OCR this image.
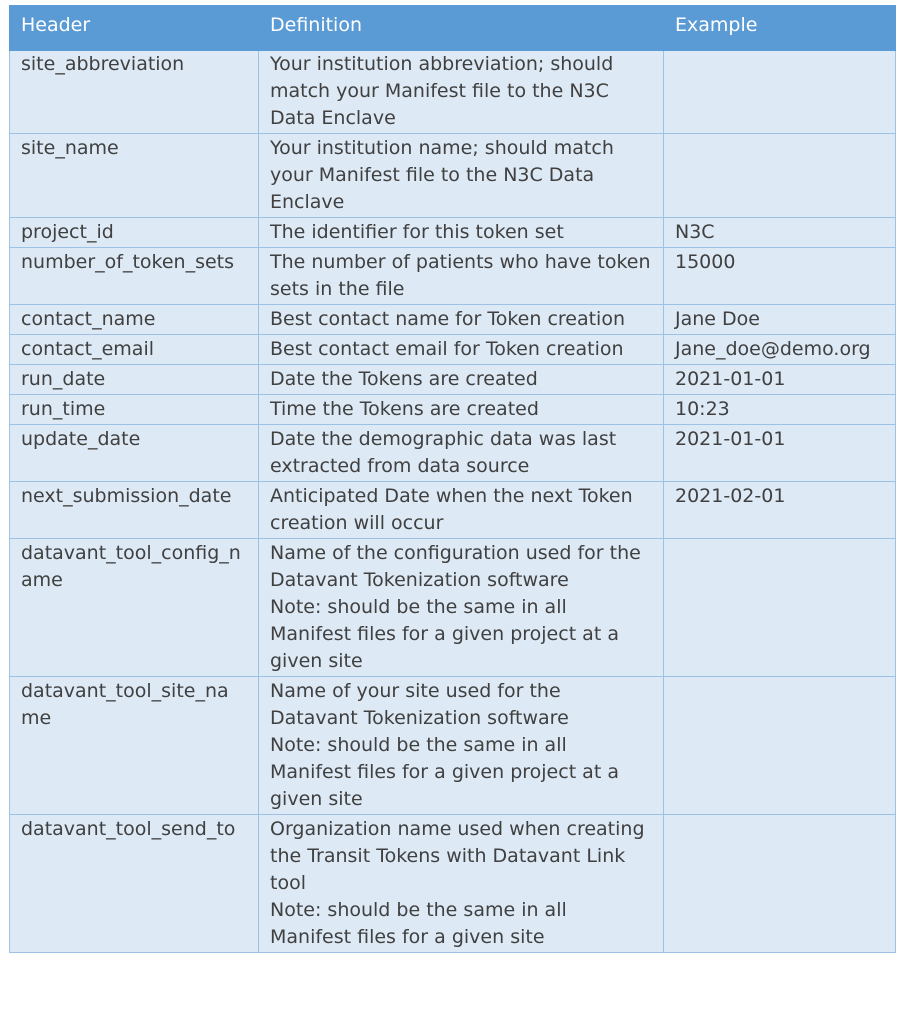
Header	Definition	Example
site_abbreviation	Your institution abbreviation; should match your Manifest file to the N3C Data Enclave	
site_name	Your institution name; should match your Manifest file to the N3C Data Enclave	
project_id	The identifier for this token set	N3C
number_of_token_sets	The number of patients who have token sets in the file	15000
contact_name	Best contact name for Token creation	Jane Doe
contact_email	Best contact email for Token creation	Jane_doe@demo.org
run_date	Date the Tokens are created	2021-01-01
run_time	Time the Tokens are created	10:23
update_date	Date the demographic data was last extracted from data source	2021-01-01
next_submission_date	Anticipated Date when the next Token creation will occur	2021-02-01
datavant_tool_config_name	Name of the configuration used for the Datavant Tokenization software
Note: should be the same in all Manifest files for a given project at a given site	

datavant_tool_site_name	Name of your site used for the Datavant Tokenization software
Note: should be the same in all Manifest files for a given project at a given site	

datavant_tool_send_to	Organization name used when creating the Transit Tokens with Datavant Link tool
Note: should be the same in all Manifest files for a given site	
